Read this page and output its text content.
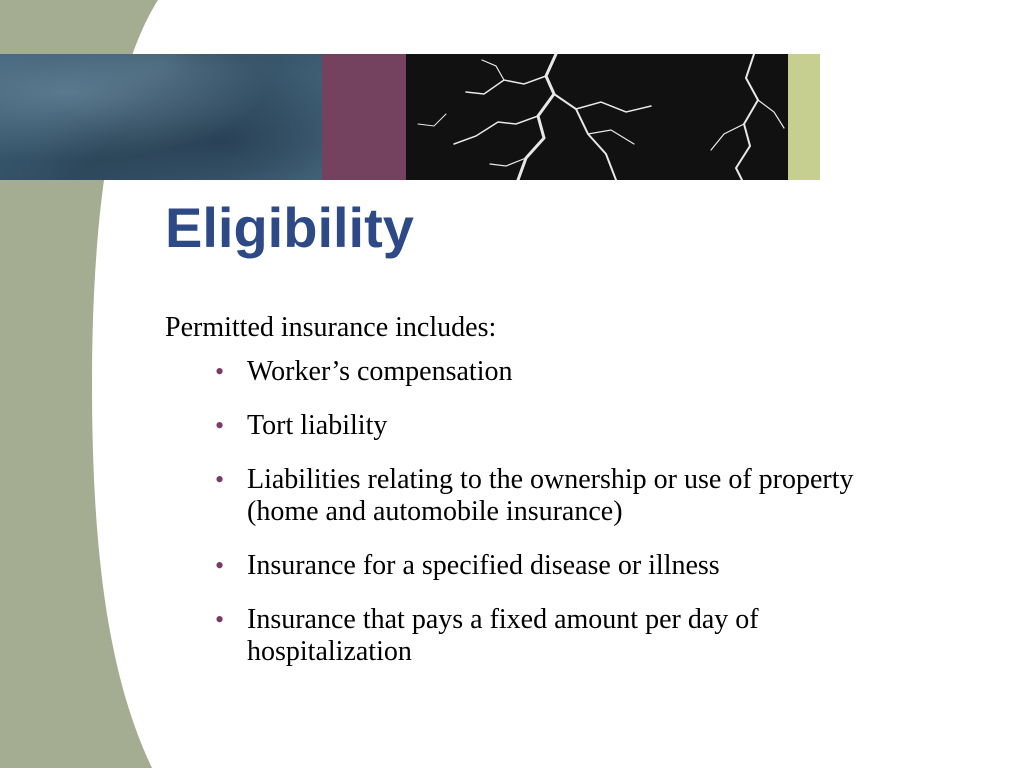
Eligibility

Permitted insurance includes:

• Worker’s compensation
• Tort liability
• Liabilities relating to the ownership or use of property (home and automobile insurance)
• Insurance for a specified disease or illness
• Insurance that pays a fixed amount per day of hospitalization
